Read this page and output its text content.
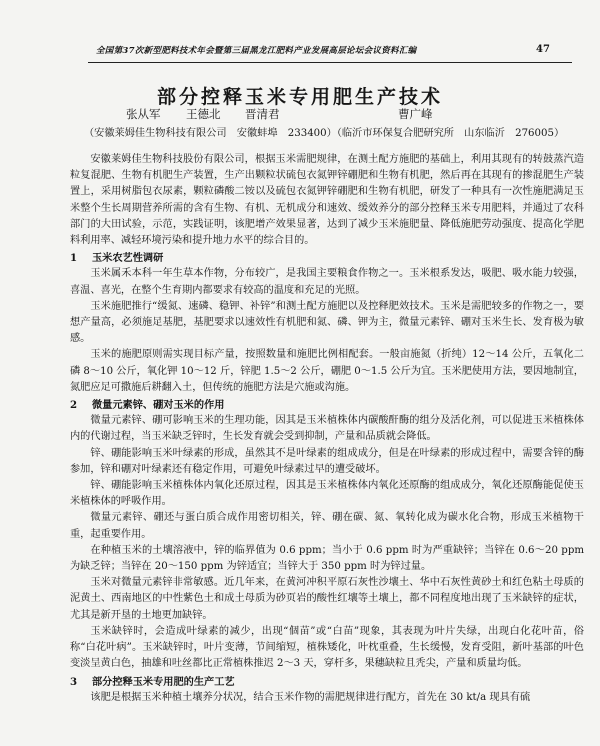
全国第37次新型肥料技术年会暨第三届黑龙江肥料产业发展高层论坛会议资料汇编	47
部分控释玉米专用肥生产技术
张从军 王德北 晋清君	曹广峰
（安徽莱姆佳生物科技有限公司　安徽蚌埠　233400）（临沂市环保复合肥研究所　山东临沂　276005）

安徽莱姆佳生物科技股份有限公司，根据玉米需肥规律，在测土配方施肥的基础上，利用其现有的转鼓蒸汽造粒复混肥、生物有机肥生产装置，生产出颗粒状硫包衣氮钾锌硼肥和生物有机肥，然后再在其现有的掺混肥生产装置上，采用树脂包衣尿素，颗粒磷酸二铵以及硫包衣氮钾锌硼肥和生物有机肥，研发了一种具有一次性施肥满足玉米整个生长周期营养所需的含有生物、有机、无机成分和速效、缓效养分的部分控释玉米专用肥料，并通过了农科部门的大田试验，示范，实践证明，该肥增产效果显著，达到了减少玉米施肥量、降低施肥劳动强度、提高化学肥料利用率、减轻环境污染和提升地力水平的综合目的。

1 玉米农艺性调研

玉米属禾本科一年生草本作物，分布较广，是我国主要粮食作物之一。玉米根系发达，吸肥、吸水能力较强，喜温、喜光，在整个生育期内都要求有较高的温度和充足的光照。

玉米施肥推行“缓氮、速磷、稳钾、补锌”和测土配方施肥以及控释肥效技术。玉米是需肥较多的作物之一，要想产量高，必须施足基肥，基肥要求以速效性有机肥和氮、磷、钾为主，微量元素锌、硼对玉米生长、发育极为敏感。

玉米的施肥原则需实现目标产量，按照数量和施肥比例相配套。一般亩施氮（折纯）12～14 公斤，五氧化二磷 8～10 公斤，氧化钾 10～12 斤，锌肥 1.5～2 公斤，硼肥 0～1.5 公斤为宜。玉米肥使用方法，要因地制宜，氮肥应足可撒施后耕翻入土，但传统的施肥方法是穴施或沟施。

2 微量元素锌、硼对玉米的作用

微量元素锌、硼可影响玉米的生理功能，因其是玉米植株体内碳酸酐酶的组分及活化剂，可以促进玉米植株体内的代谢过程，当玉米缺乏锌时，生长发育就会受到抑制，产量和品质就会降低。

锌、硼能影响玉米叶绿素的形成，虽然其不是叶绿素的组成成分，但是在叶绿素的形成过程中，需要含锌的酶参加，锌和硼对叶绿素还有稳定作用，可避免叶绿素过早的遭受破坏。

锌、硼能影响玉米植株体内氧化还原过程，因其是玉米植株体内氧化还原酶的组成成分，氧化还原酶能促使玉米植株体的呼吸作用。

微量元素锌、硼还与蛋白质合成作用密切相关，锌、硼在碳、氮、氧转化成为碳水化合物，形成玉米植物干重，起重要作用。

在种植玉米的土壤溶液中，锌的临界值为 0.6 ppm；当小于 0.6 ppm 时为严重缺锌；当锌在 0.6～20 ppm 为缺乏锌；当锌在 20～150 ppm 为锌适宜；当锌大于 350 ppm 时为锌过量。

玉米对微量元素锌非常敏感。近几年来，在黄河冲积平原石灰性沙壤土、华中石灰性黄砂土和红色粘土母质的泥黄土、西南地区的中性紫色土和成土母质为砂页岩的酸性红壤等土壤上，都不同程度地出现了玉米缺锌的症状，尤其是新开垦的土地更加缺锌。

玉米缺锌时，会造成叶绿素的减少，出现“個苗”或“白苗”现象，其表现为叶片失绿，出现白化花叶苗，俗称“白花叶病”。玉米缺锌时，叶片变薄，节间缩短，植株矮化，叶枕重叠，生长缓慢，发育受阻，新叶基部的叶色变淡呈黄白色，抽雄和吐丝都比正常植株推迟 2～3 天，穿杆多，果穗缺粒且秃尖，产量和质量均低。

3 部分控释玉米专用肥的生产工艺

该肥是根据玉米种植土壤养分状况，结合玉米作物的需肥规律进行配方，首先在 30 kt/a 现具有硫
